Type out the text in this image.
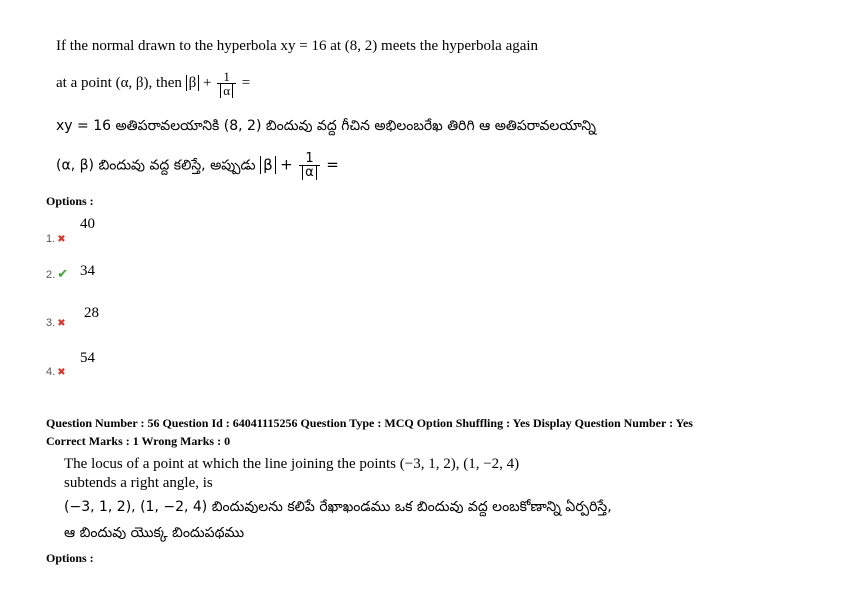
If the normal drawn to the hyperbola xy = 16 at (8, 2) meets the hyperbola again
at a point (α, β), then $\beta + \frac{1}{\alpha}$ =
xy = 16 అతిపరావలయానికి (8, 2) బిందువు వద్ద గీచిన అభిలంబరేఖ తిరిగి ఆ అతిపరావలయాన్ని
(α, β) బిందువు వద్ద కలిస్తే, అప్పుడు $\beta + \frac{1}{\alpha}$ =
Options :
1. ✖
40
2. ✔ 34
3. ✖
28
4. ✖
54
Question Number : 56 Question Id : 64041115256 Question Type : MCQ Option Shuffling : Yes Display Question Number : Yes
Correct Marks : 1 Wrong Marks : 0
The locus of a point at which the line joining the points (−3, 1, 2), (1, −2, 4)
subtends a right angle, is
(−3, 1, 2), (1, −2, 4) బిందువులను కలిపే రేఖాఖండము ఒక బిందువు వద్ద లంబకోణాన్ని ఏర్పరిస్తే,
ఆ బిందువు యొక్క బిందుపథము
Options :
